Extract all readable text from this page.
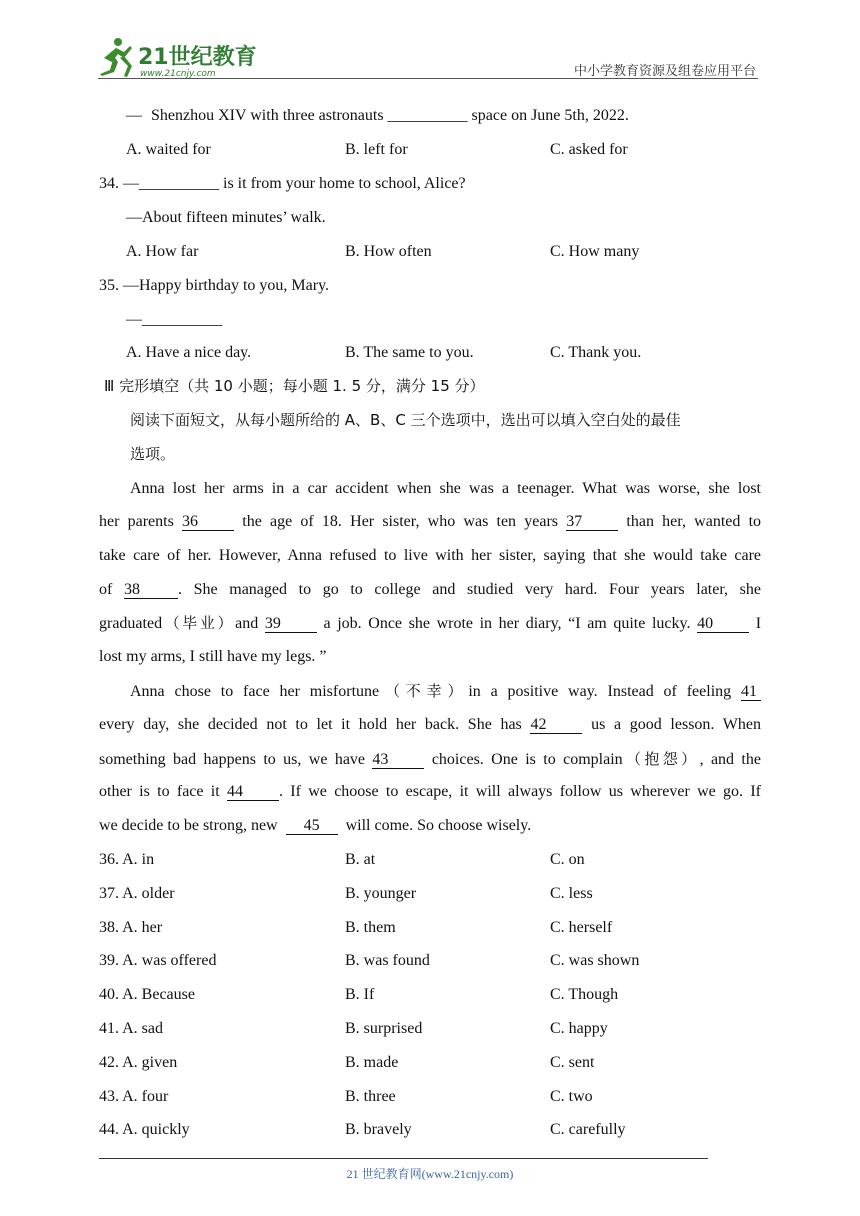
21世纪教育
www.21cnjy.com	中小学教育资源及组卷应用平台
— Shenzhou XIV with three astronauts __________ space on June 5th, 2022.
A. waited for	B. left for	C. asked for
34. —__________ is it from your home to school, Alice?
—About fifteen minutes’ walk.
A. How far	B. How often	C. How many
35. —Happy birthday to you, Mary.
—__________
A. Have a nice day.	B. The same to you.	C. Thank you.
Ⅲ 完形填空（共 10 小题；每小题 1. 5 分，满分 15 分）
阅读下面短文，从每小题所给的 A、B、C 三个选项中，选出可以填入空白处的最佳
选项。
Anna lost her arms in a car accident when she was a teenager. What was worse, she lost
her parents 36	the age of 18. Her sister, who was ten years 37	than her, wanted to
take care of her. However, Anna refused to live with her sister, saying that she would take care
of 38 . She managed to go to college and studied very hard. Four years later, she
graduated（毕业）and 39	a job. Once she wrote in her diary, “I am quite lucky. 40	I
lost my arms, I still have my legs. ”
Anna chose to face her misfortune（不幸）in a positive way. Instead of feeling 41
every day, she decided not to let it hold her back. She has 42	us a good lesson. When
something bad happens to us, we have 43	choices. One is to complain（抱怨）, and the
other is to face it 44 . If we choose to escape, it will always follow us wherever we go. If
we decide to be strong, new 45 will come. So choose wisely.
36. A. in	B. at	C. on
37. A. older	B. younger	C. less
38. A. her	B. them	C. herself
39. A. was offered	B. was found	C. was shown
40. A. Because	B. If	C. Though
41. A. sad	B. surprised	C. happy
42. A. given	B. made	C. sent
43. A. four	B. three	C. two
44. A. quickly	B. bravely	C. carefully
21 世纪教育网(www.21cnjy.com)
